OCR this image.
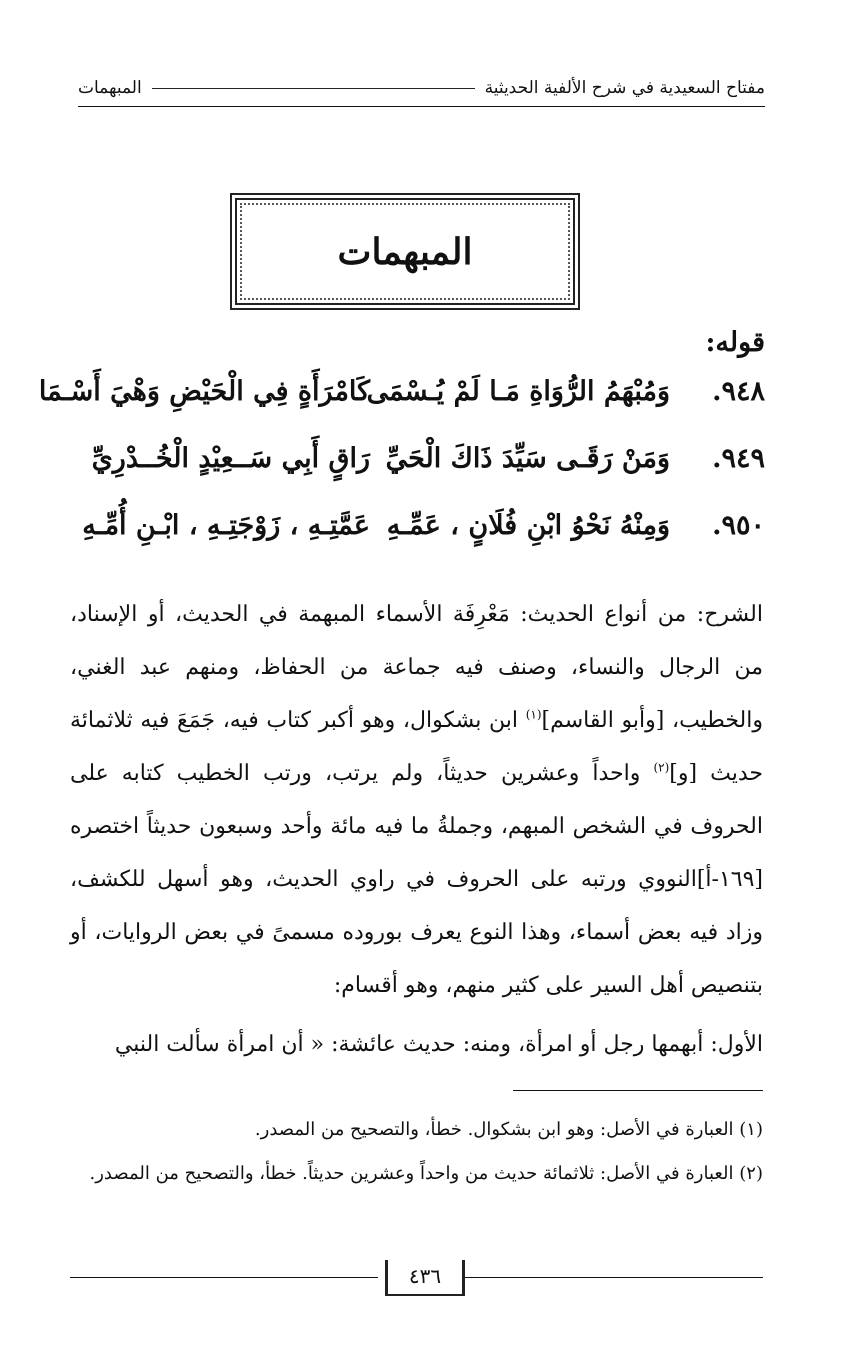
مفتاح السعيدية في شرح الألفية الحديثية
المبهمات
المبهمات
قوله:
٩٤٨.
وَمُبْهَمُ الرُّوَاةِ مَـا لَمْ يُـسْمَى
كَامْرَأَةٍ فِي الْحَيْضِ وَهْيَ أَسْـمَا
٩٤٩.
وَمَنْ رَقَـى سَيِّدَ ذَاكَ الْحَيِّ
رَاقٍ أَبِي سَــعِيْدٍ الْخُــدْرِيِّ
٩٥٠.
وَمِنْهُ نَحْوُ ابْنِ فُلَانٍ ، عَمِّـهِ
عَمَّتِـهِ ، زَوْجَتِـهِ ، ابْـنِ أُمِّـهِ

الشرح: من أنواع الحديث: مَعْرِفَة الأسماء المبهمة في الحديث، أو الإسناد، من الرجال والنساء، وصنف فيه جماعة من الحفاظ، ومنهم عبد الغني، والخطيب، [وأبو القاسم]$^{(١)}$ ابن بشكوال، وهو أكبر كتاب فيه، جَمَعَ فيه ثلاثمائة حديث [و]$^{(٢)}$ واحداً وعشرين حديثاً، ولم يرتب، ورتب الخطيب كتابه على الحروف في الشخص المبهم، وجملةُ ما فيه مائة وأحد وسبعون حديثاً اختصره [١٦٩-أ]النووي ورتبه على الحروف في راوي الحديث، وهو أسهل للكشف، وزاد فيه بعض أسماء، وهذا النوع يعرف بوروده مسمىً في بعض الروايات، أو بتنصيص أهل السير على كثير منهم، وهو أقسام:

الأول: أبهمها رجل أو امرأة، ومنه: حديث عائشة: « أن امرأة سألت النبي

(١) العبارة في الأصل: وهو ابن بشكوال. خطأ، والتصحيح من المصدر.

(٢) العبارة في الأصل: ثلاثمائة حديث من واحداً وعشرين حديثاً. خطأ، والتصحيح من المصدر.

٤٣٦
